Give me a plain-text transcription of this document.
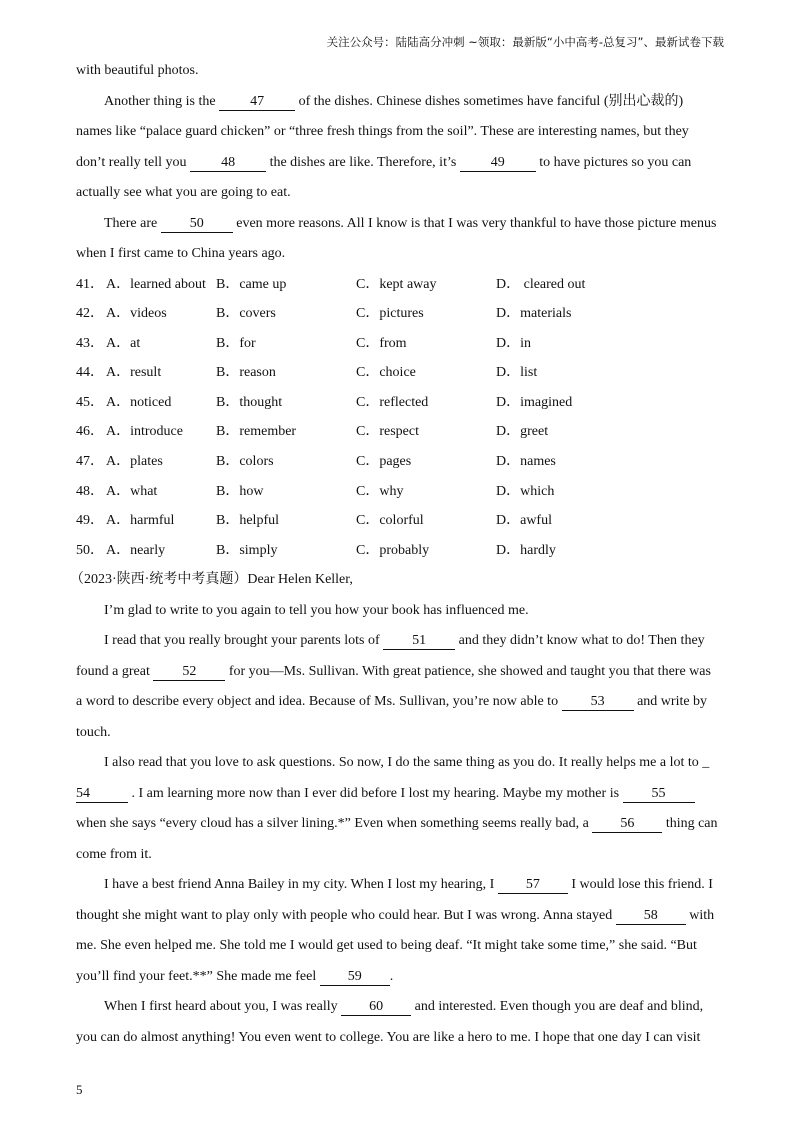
关注公众号：陆陆高分冲刺 ~领取：最新版“小中高考-总复习”、最新试卷下载
with beautiful photos.
Another thing is the 47 of the dishes. Chinese dishes sometimes have fanciful (别出心裁的)
names like “palace guard chicken” or “three fresh things from the soil”. These are interesting names, but they
don’t really tell you 48 the dishes are like. Therefore, it’s 49 to have pictures so you can
actually see what you are going to eat.
There are 50 even more reasons. All I know is that I was very thankful to have those picture menus
when I first came to China years ago.
41． A．learned about B．came up	C．kept away	D． cleared out
42． A．videos	B．covers	C．pictures	D．materials
43． A．at	B．for	C．from	D．in
44． A．result	B．reason	C．choice	D．list
45． A．noticed	B．thought	C．reflected	D．imagined
46． A．introduce B．remember	C．respect	D．greet
47． A．plates	B．colors	C．pages	D．names
48． A．what	B．how	C．why	D．which
49． A．harmful	B．helpful	C．colorful	D．awful
50． A．nearly	B．simply	C．probably	D．hardly
（2023·陕西·统考中考真题）Dear Helen Keller,
I’m glad to write to you again to tell you how your book has influenced me.
I read that you really brought your parents lots of 51 and they didn’t know what to do! Then they
found a great 52 for you—Ms. Sullivan. With great patience, she showed and taught you that there was
a word to describe every object and idea. Because of Ms. Sullivan, you’re now able to 53 and write by
touch.
I also read that you love to ask questions. So now, I do the same thing as you do. It really helps me a lot to _
54	. I am learning more now than I ever did before I lost my hearing. Maybe my mother is 55
when she says “every cloud has a silver lining.*” Even when something seems really bad, a 56 thing can
come from it.
I have a best friend Anna Bailey in my city. When I lost my hearing, I 57 I would lose this friend. I
thought she might want to play only with people who could hear. But I was wrong. Anna stayed 58 with
me. She even helped me. She told me I would get used to being deaf. “It might take some time,” she said. “But
you’ll find your feet.**” She made me feel 59 .
When I first heard about you, I was really 60 and interested. Even though you are deaf and blind,
you can do almost anything! You even went to college. You are like a hero to me. I hope that one day I can visit
5
